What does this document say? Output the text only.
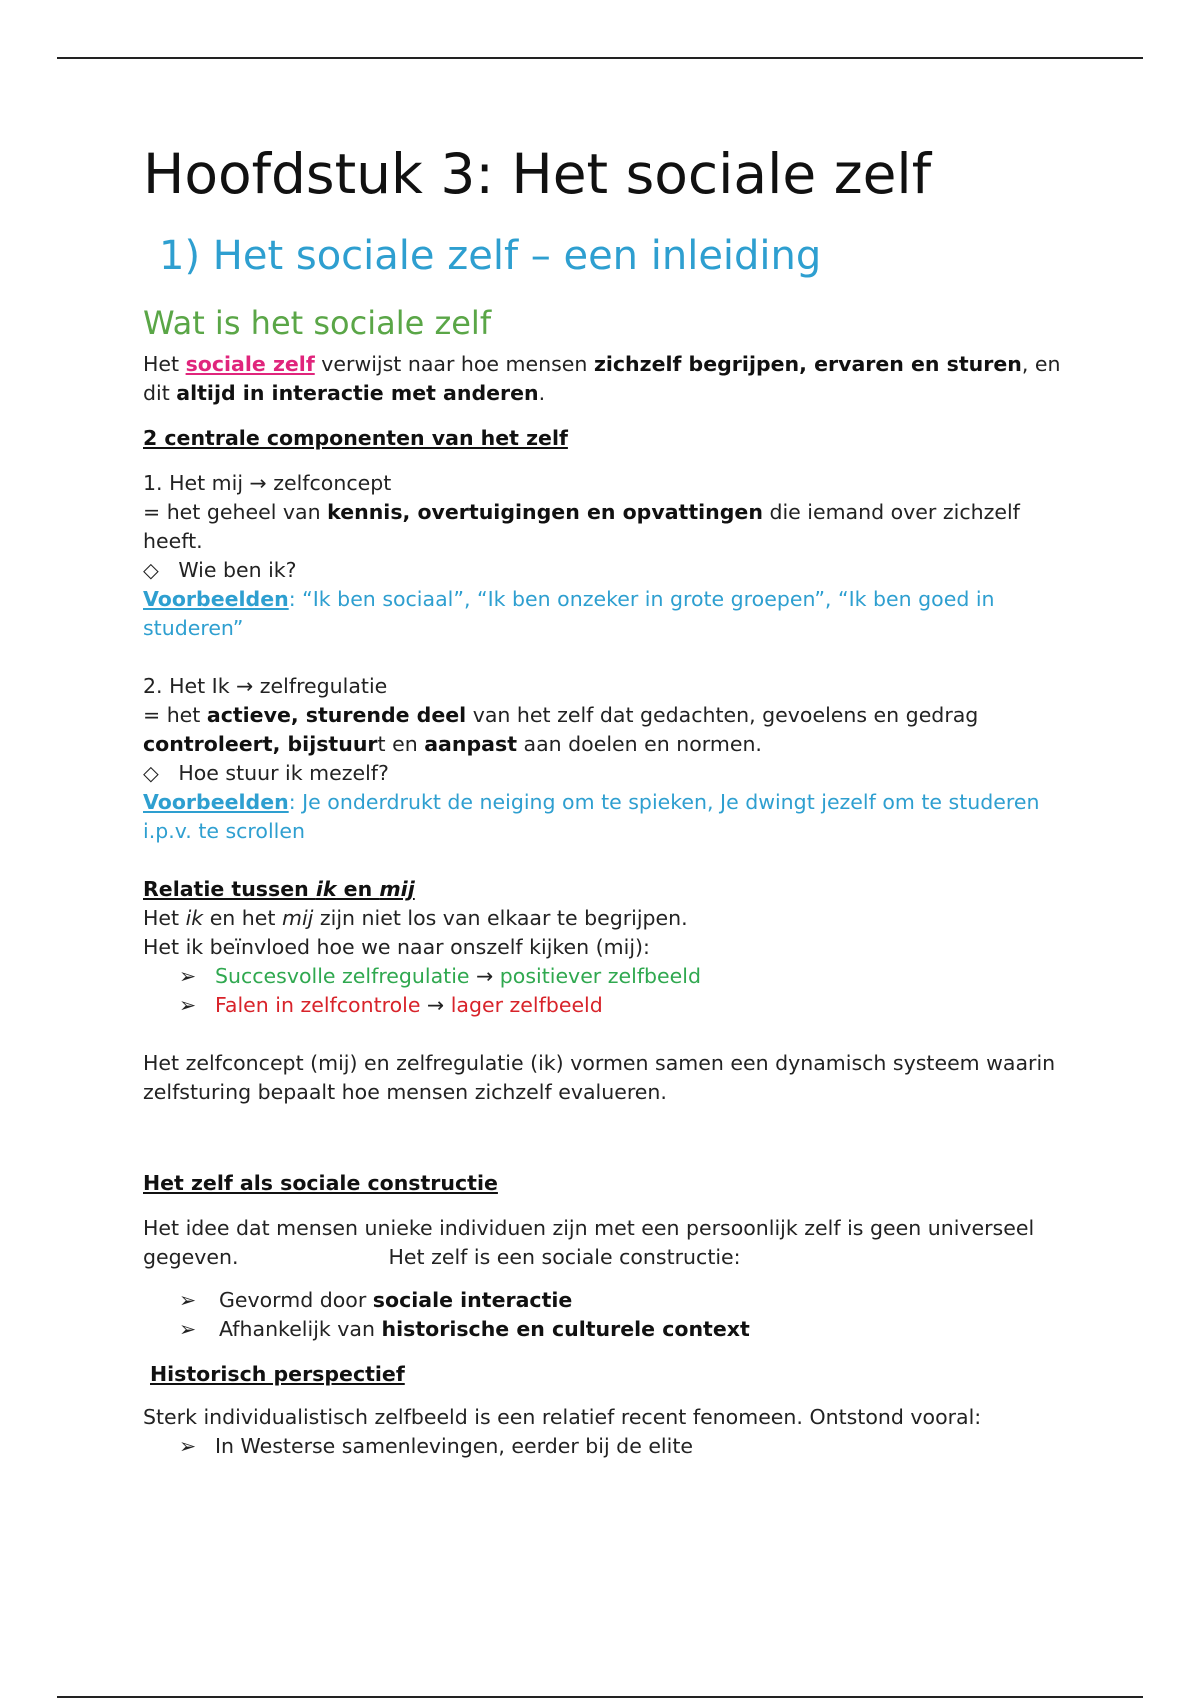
Hoofdstuk 3: Het sociale zelf
1) Het sociale zelf – een inleiding
Wat is het sociale zelf

Het sociale zelf verwijst naar hoe mensen zichzelf begrijpen, ervaren en sturen, en dit altijd in interactie met anderen.

2 centrale componenten van het zelf

1. Het mij → zelfconcept

= het geheel van kennis, overtuigingen en opvattingen die iemand over zichzelf heeft.

◇ Wie ben ik?

Voorbeelden: “Ik ben sociaal”, “Ik ben onzeker in grote groepen”, “Ik ben goed in studeren”

2. Het Ik → zelfregulatie

= het actieve, sturende deel van het zelf dat gedachten, gevoelens en gedrag controleert, bijstuurt en aanpast aan doelen en normen.

◇ Hoe stuur ik mezelf?

Voorbeelden: Je onderdrukt de neiging om te spieken, Je dwingt jezelf om te studeren i.p.v. te scrollen

Relatie tussen ik en mij

Het ik en het mij zijn niet los van elkaar te begrijpen.

Het ik beïnvloed hoe we naar onszelf kijken (mij):

➢ Succesvolle zelfregulatie → positiever zelfbeeld

➢ Falen in zelfcontrole → lager zelfbeeld

Het zelfconcept (mij) en zelfregulatie (ik) vormen samen een dynamisch systeem waarin zelfsturing bepaalt hoe mensen zichzelf evalueren.

Het zelf als sociale constructie

Het idee dat mensen unieke individuen zijn met een persoonlijk zelf is geen universeel gegeven.	Het zelf is een sociale constructie:

➢ Gevormd door sociale interactie

➢ Afhankelijk van historische en culturele context

Historisch perspectief

Sterk individualistisch zelfbeeld is een relatief recent fenomeen. Ontstond vooral:

➢ In Westerse samenlevingen, eerder bij de elite
